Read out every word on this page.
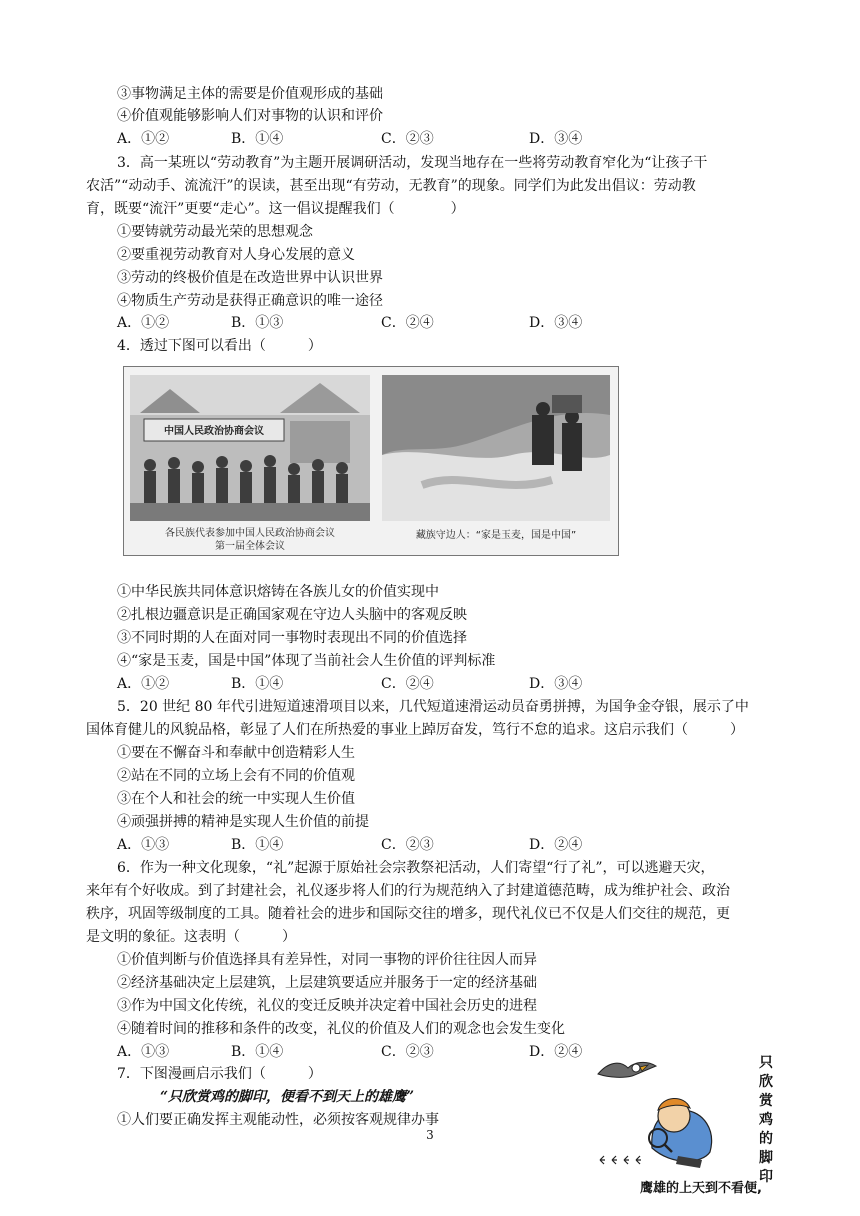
③事物满足主体的需要是价值观形成的基础
④价值观能够影响人们对事物的认识和评价
A．①②	B．①④	C．②③	D．③④
3．高一某班以“劳动教育”为主题开展调研活动，发现当地存在一些将劳动教育窄化为“让孩子干
农活”“动动手、流流汗”的误读，甚至出现“有劳动，无教育”的现象。同学们为此发出倡议：劳动教
育，既要“流汗”更要“走心”。这一倡议提醒我们（　　　　）
①要铸就劳动最光荣的思想观念
②要重视劳动教育对人身心发展的意义
③劳动的终极价值是在改造世界中认识世界
④物质生产劳动是获得正确意识的唯一途径
A．①②	B．①③	C．②④	D．③④
4．透过下图可以看出（　　　）
中国人民政治协商会议
各民族代表参加中国人民政治协商会议
第一届全体会议
藏族守边人：“家是玉麦，国是中国”
①中华民族共同体意识熔铸在各族儿女的价值实现中
②扎根边疆意识是正确国家观在守边人头脑中的客观反映
③不同时期的人在面对同一事物时表现出不同的价值选择
④“家是玉麦，国是中国”体现了当前社会人生价值的评判标准
A．①②	B．①④	C．②④	D．③④
5．20 世纪 80 年代引进短道速滑项目以来，几代短道速滑运动员奋勇拼搏，为国争金夺银，展示了中
国体育健儿的风貌品格，彰显了人们在所热爱的事业上踔厉奋发，笃行不怠的追求。这启示我们（　　　）
①要在不懈奋斗和奉献中创造精彩人生
②站在不同的立场上会有不同的价值观
③在个人和社会的统一中实现人生价值
④顽强拼搏的精神是实现人生价值的前提
A．①③	B．①④	C．②③	D．②④
6．作为一种文化现象，“礼”起源于原始社会宗教祭祀活动，人们寄望“行了礼”，可以逃避天灾，
来年有个好收成。到了封建社会，礼仪逐步将人们的行为规范纳入了封建道德范畴，成为维护社会、政治
秩序，巩固等级制度的工具。随着社会的进步和国际交往的增多，现代礼仪已不仅是人们交往的规范，更
是文明的象征。这表明（　　　）
①价值判断与价值选择具有差异性，对同一事物的评价往往因人而异
②经济基础决定上层建筑，上层建筑要适应并服务于一定的经济基础
③作为中国文化传统，礼仪的变迁反映并决定着中国社会历史的进程
④随着时间的推移和条件的改变，礼仪的价值及人们的观念也会发生变化
A．①③	B．①④	C．②③	D．②④
7．下图漫画启示我们（　　　）
“只欣赏鸡的脚印，便看不到天上的雄鹰”
①人们要正确发挥主观能动性，必须按客观规律办事
只欣赏鸡的脚印
鹰雄的上天到不看便,
3
